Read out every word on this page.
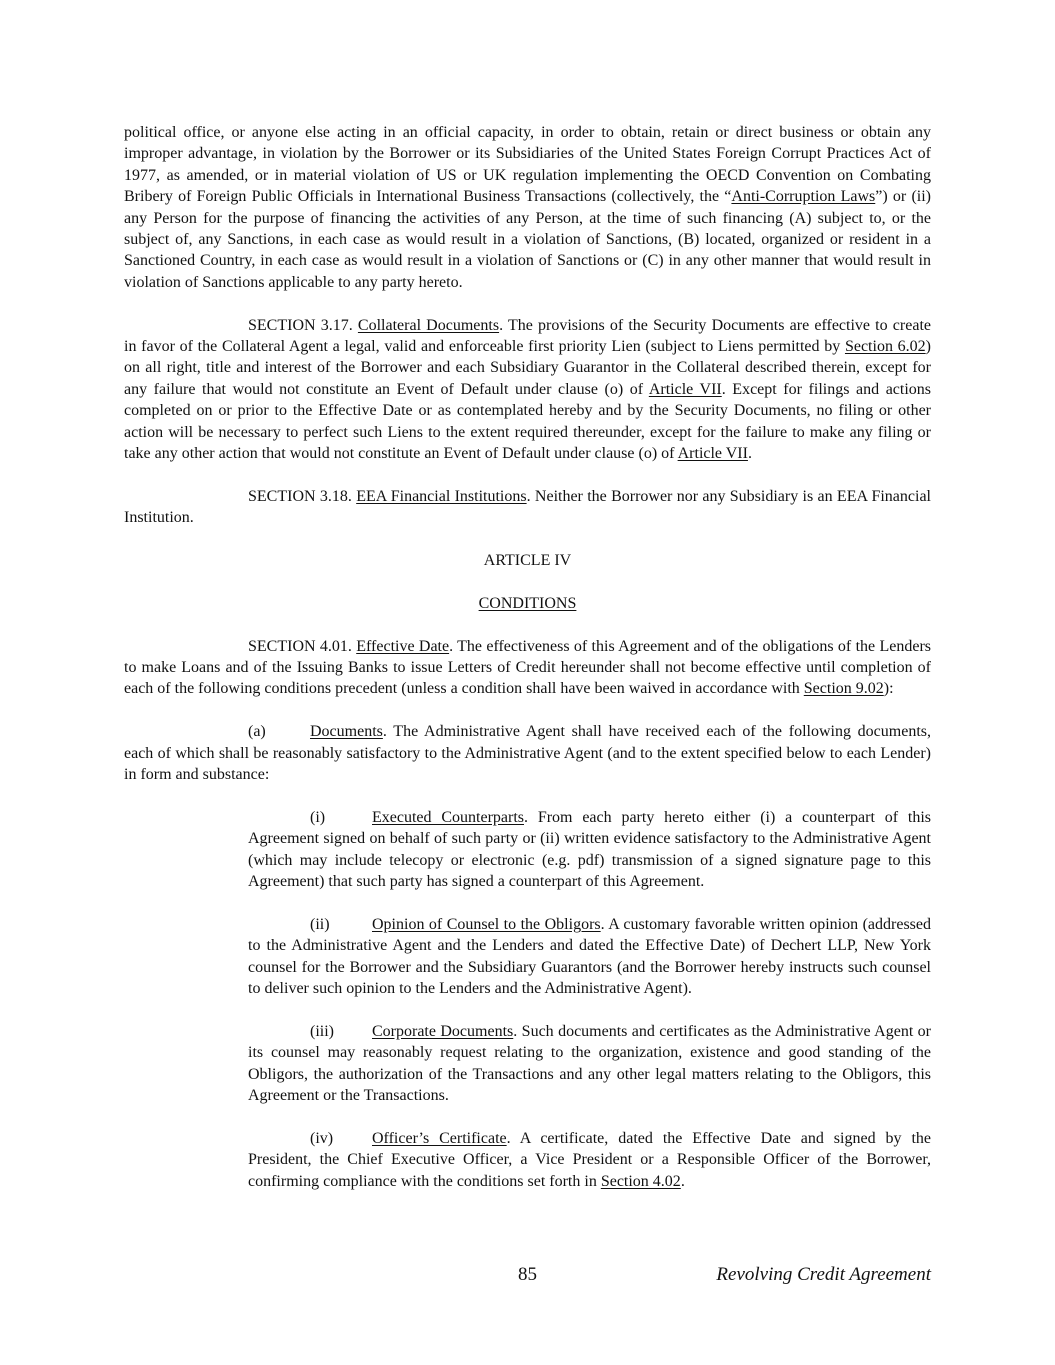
political office, or anyone else acting in an official capacity, in order to obtain, retain or direct business or obtain any improper advantage, in violation by the Borrower or its Subsidiaries of the United States Foreign Corrupt Practices Act of 1977, as amended, or in material violation of US or UK regulation implementing the OECD Convention on Combating Bribery of Foreign Public Officials in International Business Transactions (collectively, the “Anti-Corruption Laws”) or (ii) any Person for the purpose of financing the activities of any Person, at the time of such financing (A) subject to, or the subject of, any Sanctions, in each case as would result in a violation of Sanctions, (B) located, organized or resident in a Sanctioned Country, in each case as would result in a violation of Sanctions or (C) in any other manner that would result in violation of Sanctions applicable to any party hereto.
SECTION 3.17. Collateral Documents. The provisions of the Security Documents are effective to create in favor of the Collateral Agent a legal, valid and enforceable first priority Lien (subject to Liens permitted by Section 6.02) on all right, title and interest of the Borrower and each Subsidiary Guarantor in the Collateral described therein, except for any failure that would not constitute an Event of Default under clause (o) of Article VII. Except for filings and actions completed on or prior to the Effective Date or as contemplated hereby and by the Security Documents, no filing or other action will be necessary to perfect such Liens to the extent required thereunder, except for the failure to make any filing or take any other action that would not constitute an Event of Default under clause (o) of Article VII.
SECTION 3.18. EEA Financial Institutions. Neither the Borrower nor any Subsidiary is an EEA Financial Institution.
ARTICLE IV
CONDITIONS
SECTION 4.01. Effective Date. The effectiveness of this Agreement and of the obligations of the Lenders to make Loans and of the Issuing Banks to issue Letters of Credit hereunder shall not become effective until completion of each of the following conditions precedent (unless a condition shall have been waived in accordance with Section 9.02):
(a)	Documents. The Administrative Agent shall have received each of the following documents, each of which shall be reasonably satisfactory to the Administrative Agent (and to the extent specified below to each Lender) in form and substance:
(i)	Executed Counterparts. From each party hereto either (i) a counterpart of this Agreement signed on behalf of such party or (ii) written evidence satisfactory to the Administrative Agent (which may include telecopy or electronic (e.g. pdf) transmission of a signed signature page to this Agreement) that such party has signed a counterpart of this Agreement.
(ii)	Opinion of Counsel to the Obligors. A customary favorable written opinion (addressed to the Administrative Agent and the Lenders and dated the Effective Date) of Dechert LLP, New York counsel for the Borrower and the Subsidiary Guarantors (and the Borrower hereby instructs such counsel to deliver such opinion to the Lenders and the Administrative Agent).
(iii) Corporate Documents. Such documents and certificates as the Administrative Agent or its counsel may reasonably request relating to the organization, existence and good standing of the Obligors, the authorization of the Transactions and any other legal matters relating to the Obligors, this Agreement or the Transactions.
(iv) Officer’s Certificate. A certificate, dated the Effective Date and signed by the President, the Chief Executive Officer, a Vice President or a Responsible Officer of the Borrower, confirming compliance with the conditions set forth in Section 4.02.
85	Revolving Credit Agreement
